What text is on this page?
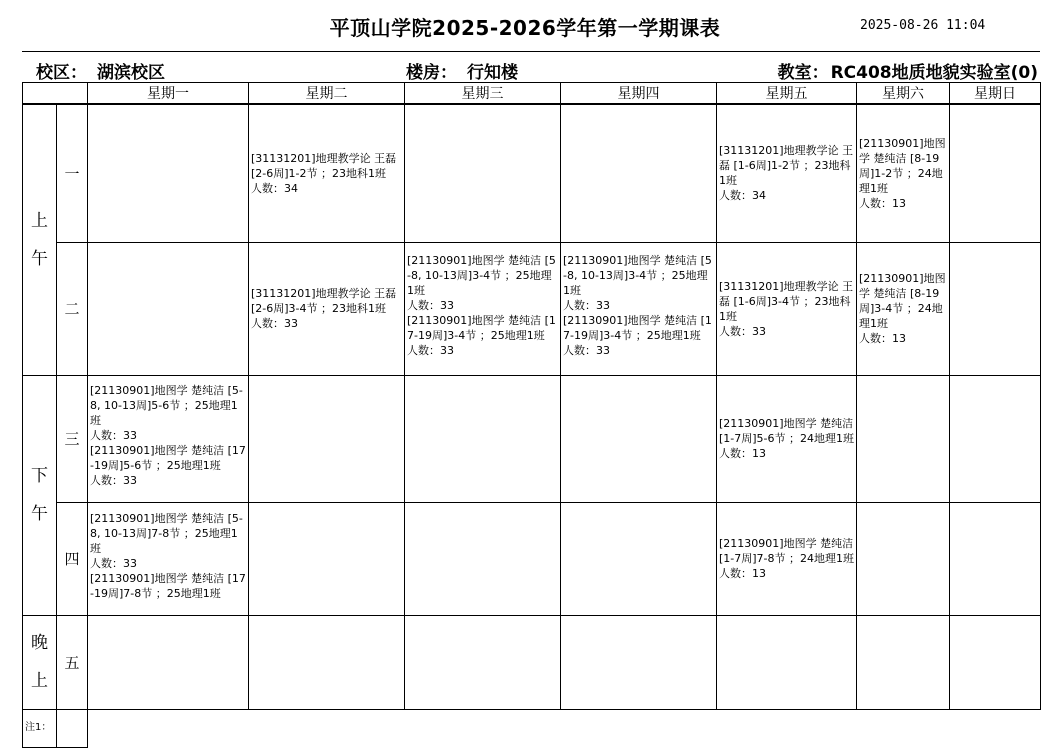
平顶山学院2025-2026学年第一学期课表	2025-08-26 11:04
校区： 湖滨校区	楼房： 行知楼	教室： RC408地质地貌实验室(0)
		星期一	星期二	星期三	星期四	星期五	星期六	星期日

上
午	一		[31131201]地理教学论 王磊 [2-6周]1-2节 ；23地科1班
人数：34			[31131201]地理教学论 王磊 [1-6周]1-2节 ；23地科1班
人数：34	[21130901]地图学 楚纯洁 [8-19周]1-2节 ；24地理1班
人数：13	

	二		[31131201]地理教学论 王磊 [2-6周]3-4节 ；23地科1班
人数：33	[21130901]地图学 楚纯洁 [5-8, 10-13周]3-4节 ；25地理1班
人数：33
[21130901]地图学 楚纯洁 [17-19周]3-4节 ；25地理1班
人数：33	[21130901]地图学 楚纯洁 [5-8, 10-13周]3-4节 ；25地理1班
人数：33
[21130901]地图学 楚纯洁 [17-19周]3-4节 ；25地理1班
人数：33	[31131201]地理教学论 王磊 [1-6周]3-4节 ；23地科1班
人数：33	[21130901]地图学 楚纯洁 [8-19周]3-4节 ；24地理1班
人数：13	

下
午	三	[21130901]地图学 楚纯洁 [5-8, 10-13周]5-6节 ；25地理1班
人数：33
[21130901]地图学 楚纯洁 [17-19周]5-6节 ；25地理1班
人数：33				[21130901]地图学 楚纯洁 [1-7周]5-6节 ；24地理1班
人数：13		

	四	[21130901]地图学 楚纯洁 [5-8, 10-13周]7-8节 ；25地理1班
人数：33
[21130901]地图学 楚纯洁 [17-19周]7-8节 ；25地理1班				[21130901]地图学 楚纯洁 [1-7周]7-8节 ；24地理1班
人数：13		

晚
上	五	

注1：								
